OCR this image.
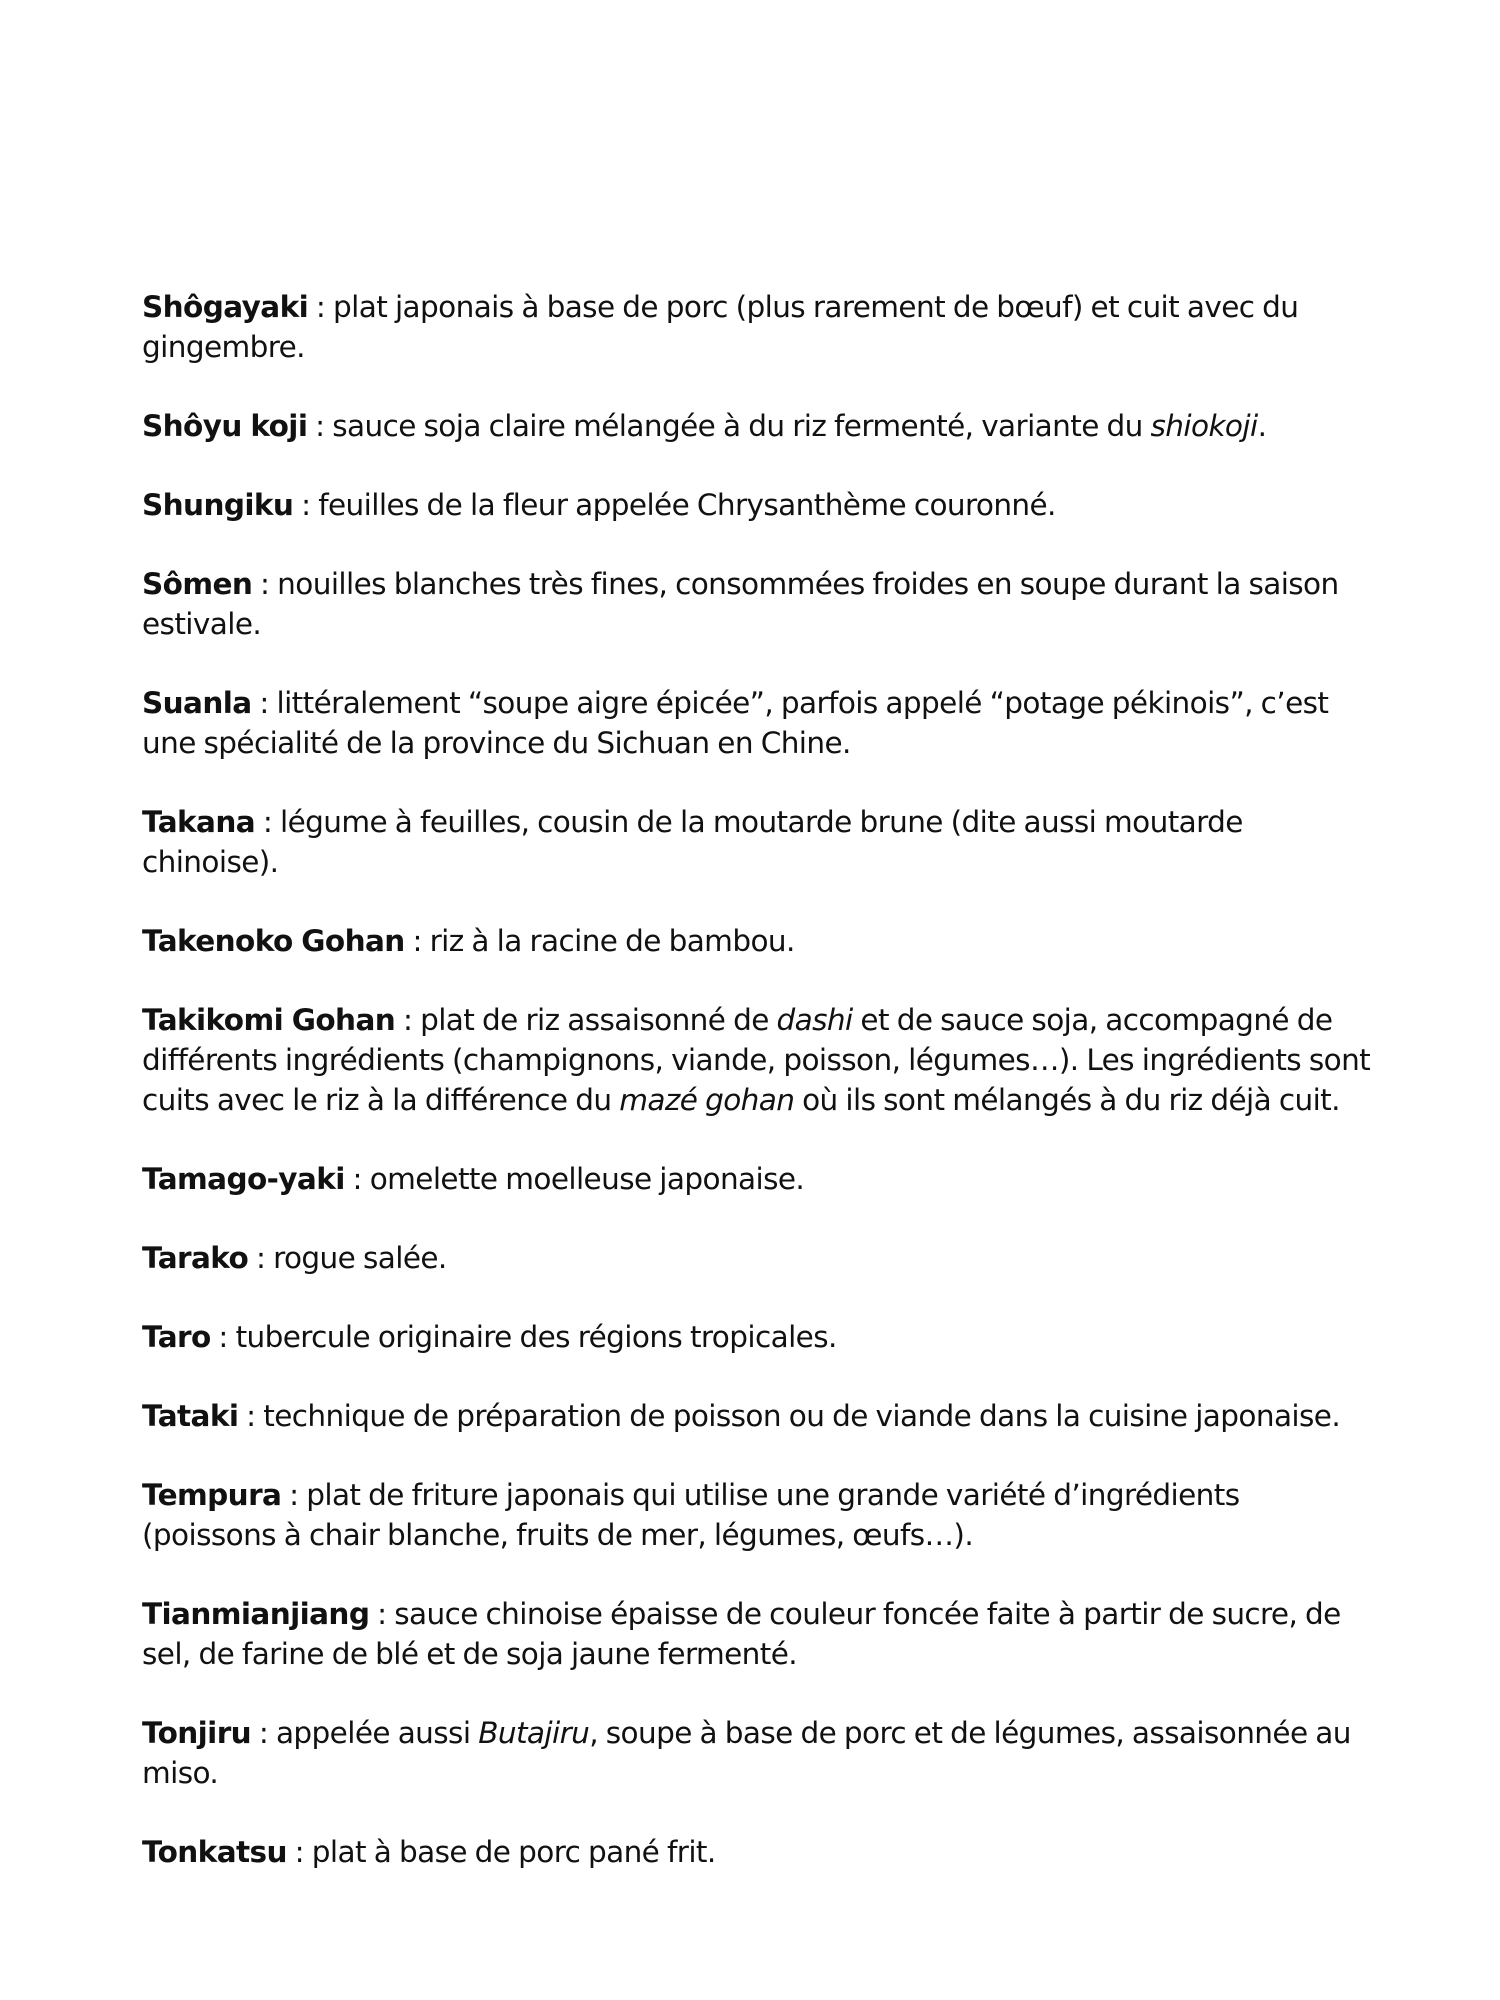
Shôgayaki : plat japonais à base de porc (plus rarement de bœuf) et cuit avec du gingembre.

Shôyu koji : sauce soja claire mélangée à du riz fermenté, variante du shiokoji.

Shungiku : feuilles de la fleur appelée Chrysanthème couronné.

Sômen : nouilles blanches très fines, consommées froides en soupe durant la saison estivale.

Suanla : littéralement “soupe aigre épicée”, parfois appelé “potage pékinois”, c’est une spécialité de la province du Sichuan en Chine.

Takana : légume à feuilles, cousin de la moutarde brune (dite aussi moutarde chinoise).

Takenoko Gohan : riz à la racine de bambou.

Takikomi Gohan : plat de riz assaisonné de dashi et de sauce soja, accompagné de différents ingrédients (champignons, viande, poisson, légumes…). Les ingrédients sont cuits avec le riz à la différence du mazé gohan où ils sont mélangés à du riz déjà cuit.

Tamago-yaki : omelette moelleuse japonaise.

Tarako : rogue salée.

Taro : tubercule originaire des régions tropicales.

Tataki : technique de préparation de poisson ou de viande dans la cuisine japonaise.

Tempura : plat de friture japonais qui utilise une grande variété d’ingrédients (poissons à chair blanche, fruits de mer, légumes, œufs…).

Tianmianjiang : sauce chinoise épaisse de couleur foncée faite à partir de sucre, de sel, de farine de blé et de soja jaune fermenté.

Tonjiru : appelée aussi Butajiru, soupe à base de porc et de légumes, assaisonnée au miso.

Tonkatsu : plat à base de porc pané frit.
